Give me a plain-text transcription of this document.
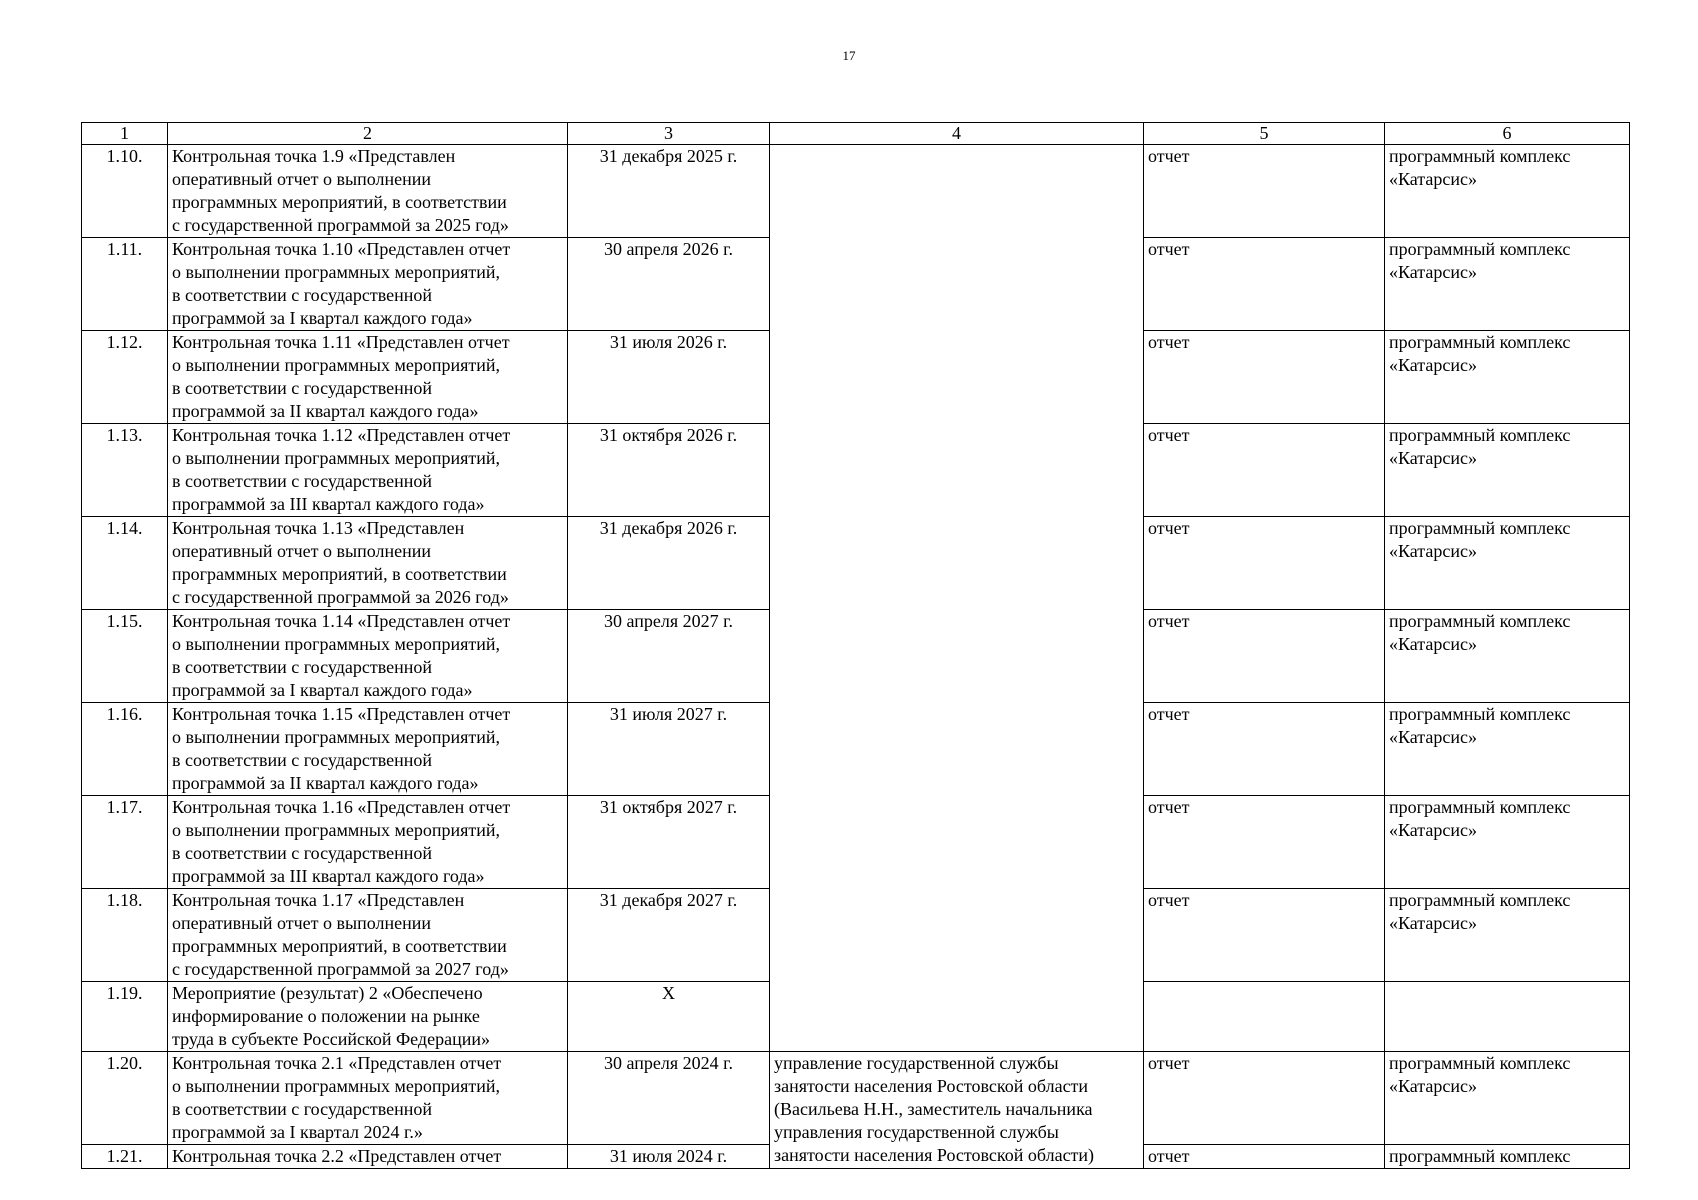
17
1	2	3	4	5	6
1.10.	Контрольная точка 1.9 «Представлен
оперативный отчет о выполнении
программных мероприятий, в соответствии
с государственной программой за 2025 год»	31 декабря 2025 г.		отчет	программный комплекс
«Катарсис»
1.11.	Контрольная точка 1.10 «Представлен отчет
о выполнении программных мероприятий,
в соответствии с государственной
программой за I квартал каждого года»	30 апреля 2026 г.		отчет	программный комплекс
«Катарсис»
1.12.	Контрольная точка 1.11 «Представлен отчет
о выполнении программных мероприятий,
в соответствии с государственной
программой за II квартал каждого года»	31 июля 2026 г.		отчет	программный комплекс
«Катарсис»
1.13.	Контрольная точка 1.12 «Представлен отчет
о выполнении программных мероприятий,
в соответствии с государственной
программой за III квартал каждого года»	31 октября 2026 г.		отчет	программный комплекс
«Катарсис»
1.14.	Контрольная точка 1.13 «Представлен
оперативный отчет о выполнении
программных мероприятий, в соответствии
с государственной программой за 2026 год»	31 декабря 2026 г.		отчет	программный комплекс
«Катарсис»
1.15.	Контрольная точка 1.14 «Представлен отчет
о выполнении программных мероприятий,
в соответствии с государственной
программой за I квартал каждого года»	30 апреля 2027 г.		отчет	программный комплекс
«Катарсис»
1.16.	Контрольная точка 1.15 «Представлен отчет
о выполнении программных мероприятий,
в соответствии с государственной
программой за II квартал каждого года»	31 июля 2027 г.		отчет	программный комплекс
«Катарсис»
1.17.	Контрольная точка 1.16 «Представлен отчет
о выполнении программных мероприятий,
в соответствии с государственной
программой за III квартал каждого года»	31 октября 2027 г.		отчет	программный комплекс
«Катарсис»
1.18.	Контрольная точка 1.17 «Представлен
оперативный отчет о выполнении
программных мероприятий, в соответствии
с государственной программой за 2027 год»	31 декабря 2027 г.		отчет	программный комплекс
«Катарсис»
1.19.	Мероприятие (результат) 2 «Обеспечено
информирование о положении на рынке
труда в субъекте Российской Федерации»	Х			
1.20.	Контрольная точка 2.1 «Представлен отчет
о выполнении программных мероприятий,
в соответствии с государственной
программой за I квартал 2024 г.»	30 апреля 2024 г.	управление государственной службы
занятости населения Ростовской области
(Васильева Н.Н., заместитель начальника
управления государственной службы
занятости населения Ростовской области)	отчет	программный комплекс
«Катарсис»
1.21.	Контрольная точка 2.2 «Представлен отчет	31 июля 2024 г.		отчет	программный комплекс
